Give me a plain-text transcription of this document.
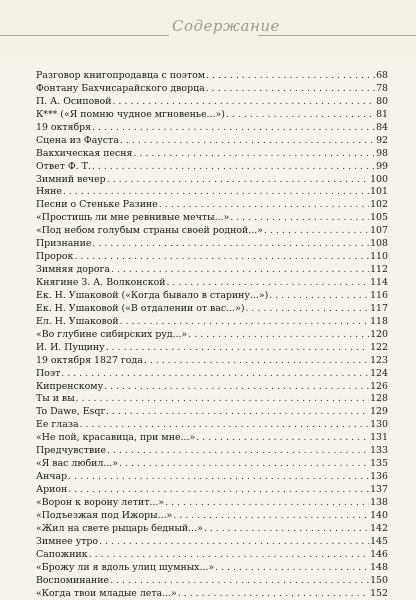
Содержание
Разговор книгопродавца с поэтом . . .	68
Фонтану Бахчисарайского дворца . . .	78
П. А. Осиповой . . .	80
К*** («Я помню чудное мгновенье...») . . .	81
19 октября . . .	84
Сцена из Фауста . . .	92
Вакхическая песня . . .	98
Ответ Ф. Т. . . .	99
Зимний вечер . . .	100
Няне . . .	101
Песни о Стеньке Разине . . .	102
«Простишь ли мне ревнивые мечты...» . . .	105
«Под небом голубым страны своей родной...» . . .	107
Признание . . .	108
Пророк . . .	110
Зимняя дорога . . .	112
Княгине З. А. Волконской . . .	114
Ек. Н. Ушаковой («Когда бывало в старину...») . . .	116
Ек. Н. Ушаковой («В отдалении от вас...») . . .	117
Ел. Н. Ушаковой . . .	118
«Во глубине сибирских руд...» . . .	120
И. И. Пущину . . .	122
19 октября 1827 года . . .	123
Поэт . . .	124
Кипренскому . . .	126
Ты и вы . . .	128
To Dawe, Esqr . . .	129
Ее глаза . . .	130
«Не пой, красавица, при мне...» . . .	131
Предчувствие . . .	133
«Я вас любил...» . . .	135
Анчар . . .	136
Арион . . .	137
«Ворон к ворону летит...» . . .	138
«Подъезжая под Ижоры...» . . .	140
«Жил на свете рыцарь бедный...» . . .	142
Зимнее утро . . .	145
Сапожник . . .	146
«Брожу ли я вдоль улиц шумных...» . . .	148
Воспоминание . . .	150
«Когда твои младые лета...» . . .	152
